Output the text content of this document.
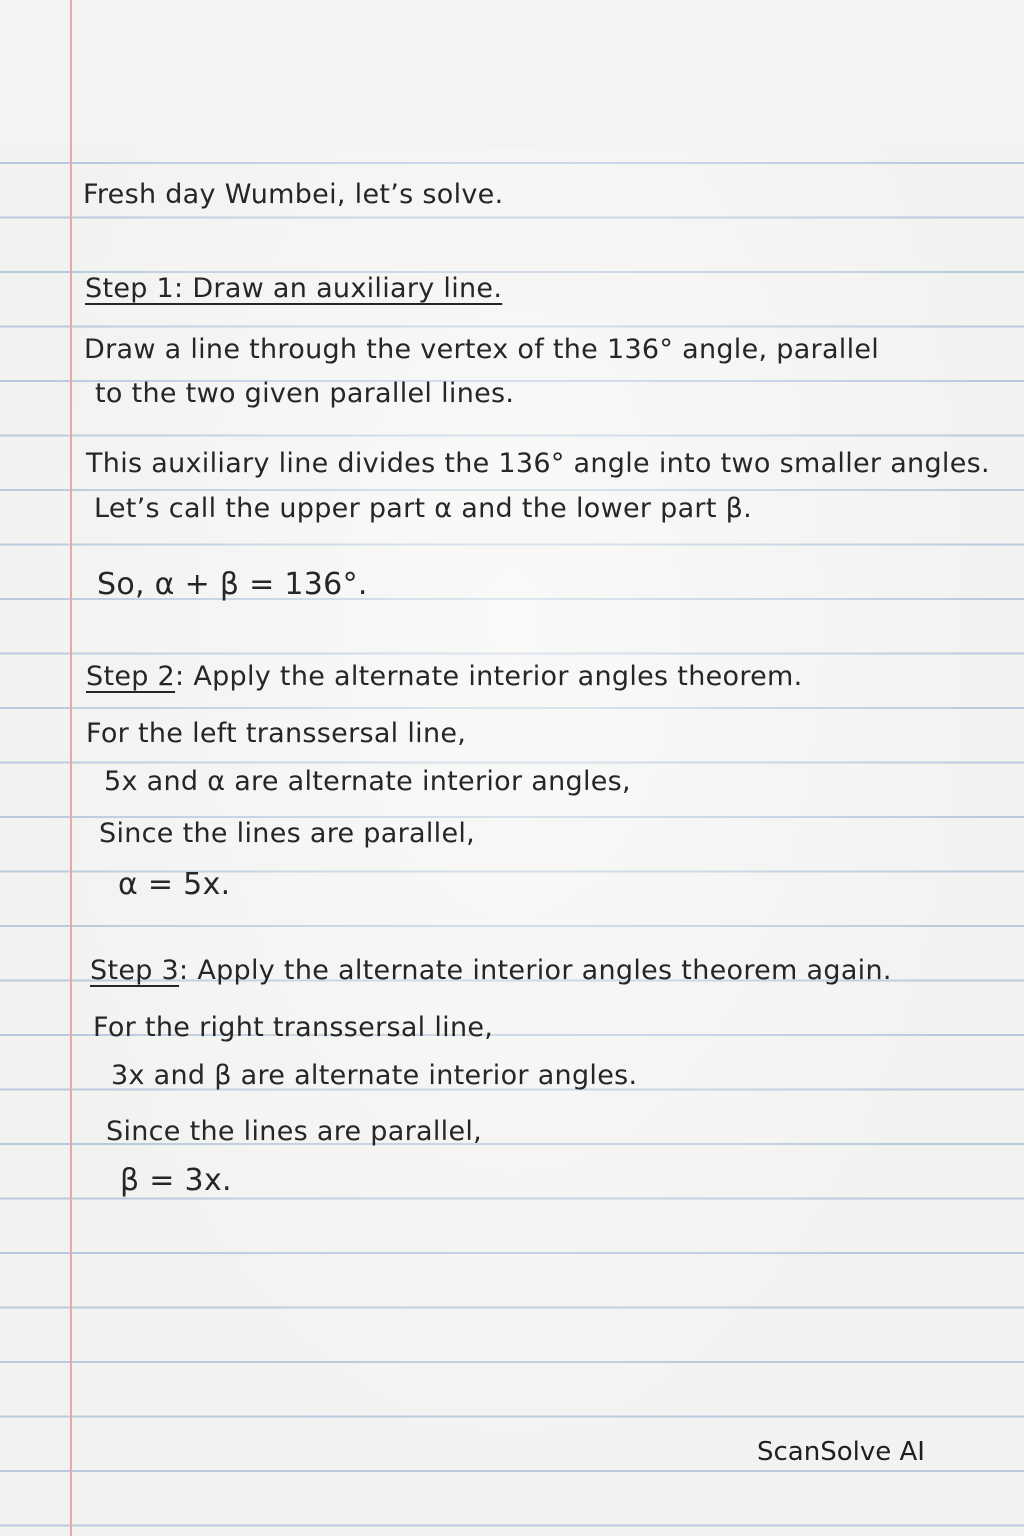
Fresh day Wumbei, let’s solve.
Step 1: Draw an auxiliary line.
Draw a line through the vertex of the 136° angle, parallel
to the two given parallel lines.
This auxiliary line divides the 136° angle into two smaller angles.
Let’s call the upper part α and the lower part β.
So, α + β = 136°.
Step 2: Apply the alternate interior angles theorem.
For the left transsersal line,
5x and α are alternate interior angles,
Since the lines are parallel,
α = 5x.
Step 3: Apply the alternate interior angles theorem again.
For the right transsersal line,
3x and β are alternate interior angles.
Since the lines are parallel,
β = 3x.
ScanSolve AI
